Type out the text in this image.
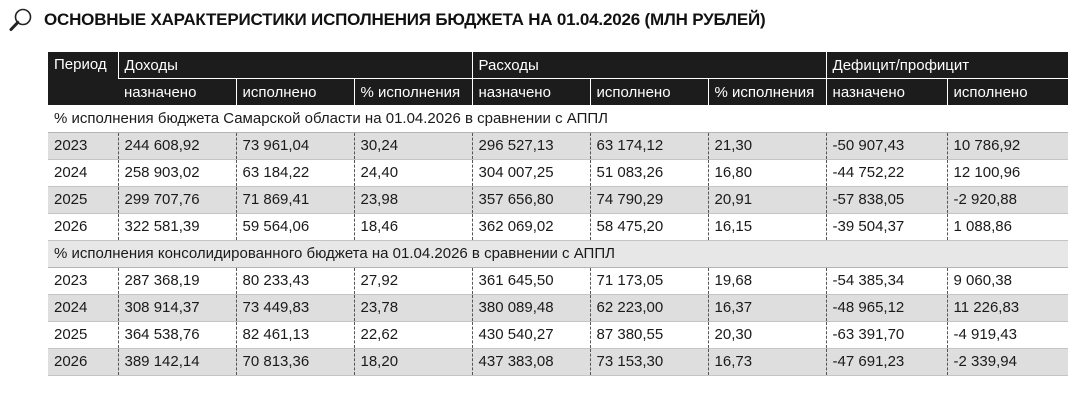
ОСНОВНЫЕ ХАРАКТЕРИСТИКИ ИСПОЛНЕНИЯ БЮДЖЕТА НА 01.04.2026 (МЛН РУБЛЕЙ)
Период	Доходы			Расходы			Дефицит/профицит	
	назначено	исполнено	% исполнения	назначено	исполнено	% исполнения	назначено	исполнено
% исполнения бюджета Самарской области на 01.04.2026 в сравнении с АППЛ								
2023	244 608,92	73 961,04	30,24	296 527,13	63 174,12	21,30	-50 907,43	10 786,92
2024	258 903,02	63 184,22	24,40	304 007,25	51 083,26	16,80	-44 752,22	12 100,96
2025	299 707,76	71 869,41	23,98	357 656,80	74 790,29	20,91	-57 838,05	-2 920,88
2026	322 581,39	59 564,06	18,46	362 069,02	58 475,20	16,15	-39 504,37	1 088,86
% исполнения консолидированного бюджета на 01.04.2026 в сравнении с АППЛ								
2023	287 368,19	80 233,43	27,92	361 645,50	71 173,05	19,68	-54 385,34	9 060,38
2024	308 914,37	73 449,83	23,78	380 089,48	62 223,00	16,37	-48 965,12	11 226,83
2025	364 538,76	82 461,13	22,62	430 540,27	87 380,55	20,30	-63 391,70	-4 919,43
2026	389 142,14	70 813,36	18,20	437 383,08	73 153,30	16,73	-47 691,23	-2 339,94
